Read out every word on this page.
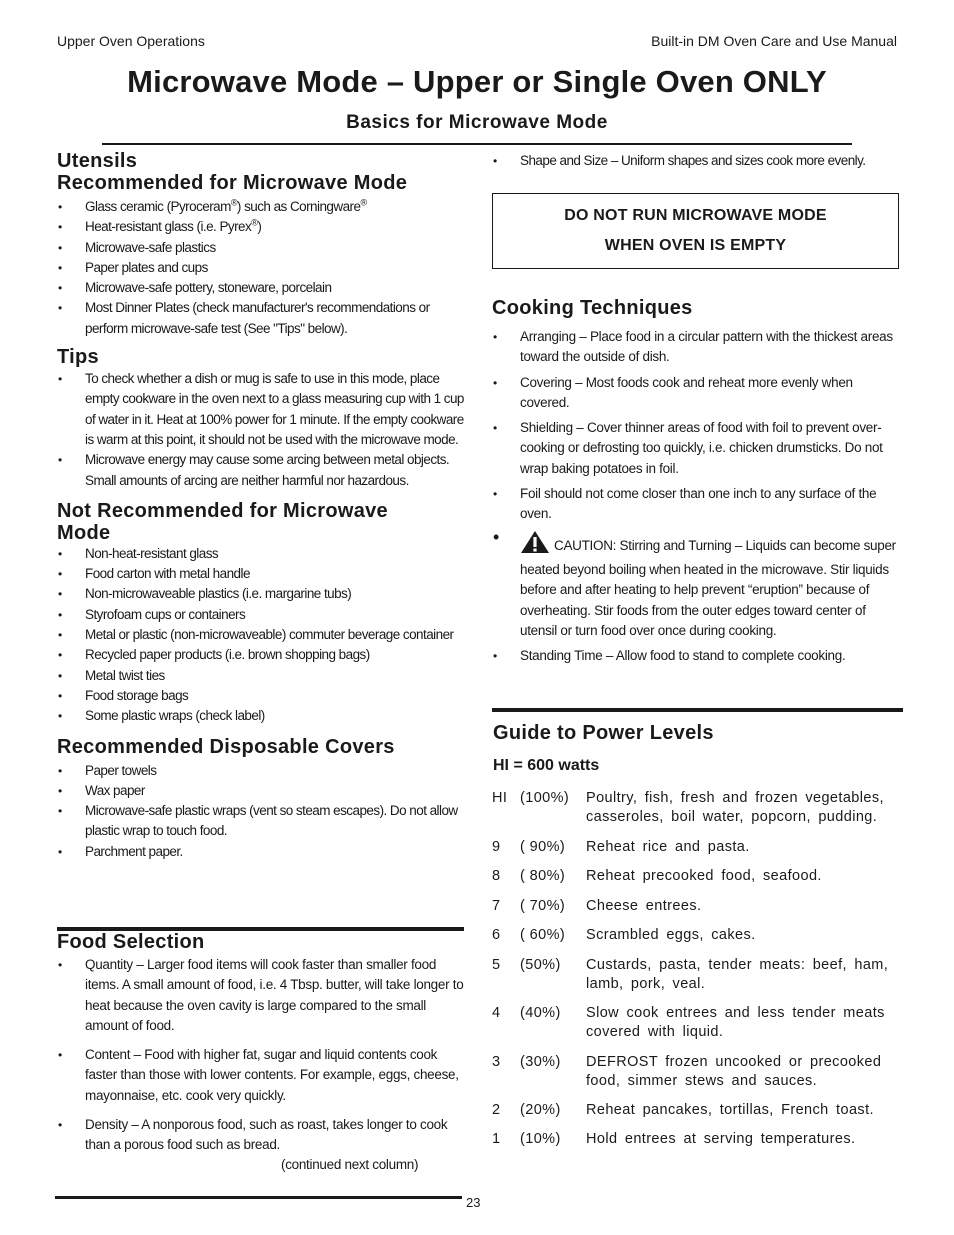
Upper Oven Operations	Built-in DM Oven Care and Use Manual
Microwave Mode – Upper or Single Oven ONLY
Basics for Microwave Mode
Utensils
Recommended for Microwave Mode
• Glass ceramic (Pyroceram®) such as Corningware®
• Heat-resistant glass (i.e. Pyrex®)
• Microwave-safe plastics
• Paper plates and cups
• Microwave-safe pottery, stoneware, porcelain
• Most Dinner Plates (check manufacturer's recommendations or perform microwave-safe test (See "Tips" below).
Tips
• To check whether a dish or mug is safe to use in this mode, place empty cookware in the oven next to a glass measuring cup with 1 cup of water in it. Heat at 100% power for 1 minute. If the empty cookware is warm at this point, it should not be used with the microwave mode.
• Microwave energy may cause some arcing between metal objects. Small amounts of arcing are neither harmful nor hazardous.
Not Recommended for Microwave Mode
• Non-heat-resistant glass
• Food carton with metal handle
• Non-microwaveable plastics (i.e. margarine tubs)
• Styrofoam cups or containers
• Metal or plastic (non-microwaveable) commuter beverage container
• Recycled paper products (i.e. brown shopping bags)
• Metal twist ties
• Food storage bags
• Some plastic wraps (check label)
Recommended Disposable Covers
• Paper towels
• Wax paper
• Microwave-safe plastic wraps (vent so steam escapes). Do not allow plastic wrap to touch food.
• Parchment paper.
Food Selection
• Quantity – Larger food items will cook faster than smaller food items. A small amount of food, i.e. 4 Tbsp. butter, will take longer to heat because the oven cavity is large compared to the small amount of food.
• Content – Food with higher fat, sugar and liquid contents cook faster than those with lower contents. For example, eggs, cheese, mayonnaise, etc. cook very quickly.
• Density – A nonporous food, such as roast, takes longer to cook than a porous food such as bread.
(continued next column)
• Shape and Size – Uniform shapes and sizes cook more evenly.
DO NOT RUN MICROWAVE MODE
WHEN OVEN IS EMPTY
Cooking Techniques
• Arranging – Place food in a circular pattern with the thickest areas toward the outside of dish.
• Covering – Most foods cook and reheat more evenly when covered.
• Shielding – Cover thinner areas of food with foil to prevent over-cooking or defrosting too quickly, i.e. chicken drumsticks. Do not wrap baking potatoes in foil.
• Foil should not come closer than one inch to any surface of the oven.
• CAUTION: Stirring and Turning – Liquids can become super heated beyond boiling when heated in the microwave. Stir liquids before and after heating to help prevent “eruption” because of overheating. Stir foods from the outer edges toward center of utensil or turn food over once during cooking.
• Standing Time – Allow food to stand to complete cooking.
Guide to Power Levels
HI = 600 watts
HI (100%) Poultry, fish, fresh and frozen vegetables, casseroles, boil water, popcorn, pudding.
9 ( 90%) Reheat rice and pasta.
8 ( 80%) Reheat precooked food, seafood.
7 ( 70%) Cheese entrees.
6 ( 60%) Scrambled eggs, cakes.
5 (50%) Custards, pasta, tender meats: beef, ham, lamb, pork, veal.
4 (40%) Slow cook entrees and less tender meats covered with liquid.
3 (30%) DEFROST frozen uncooked or precooked food, simmer stews and sauces.
2 (20%) Reheat pancakes, tortillas, French toast.
1 (10%) Hold entrees at serving temperatures.
23
